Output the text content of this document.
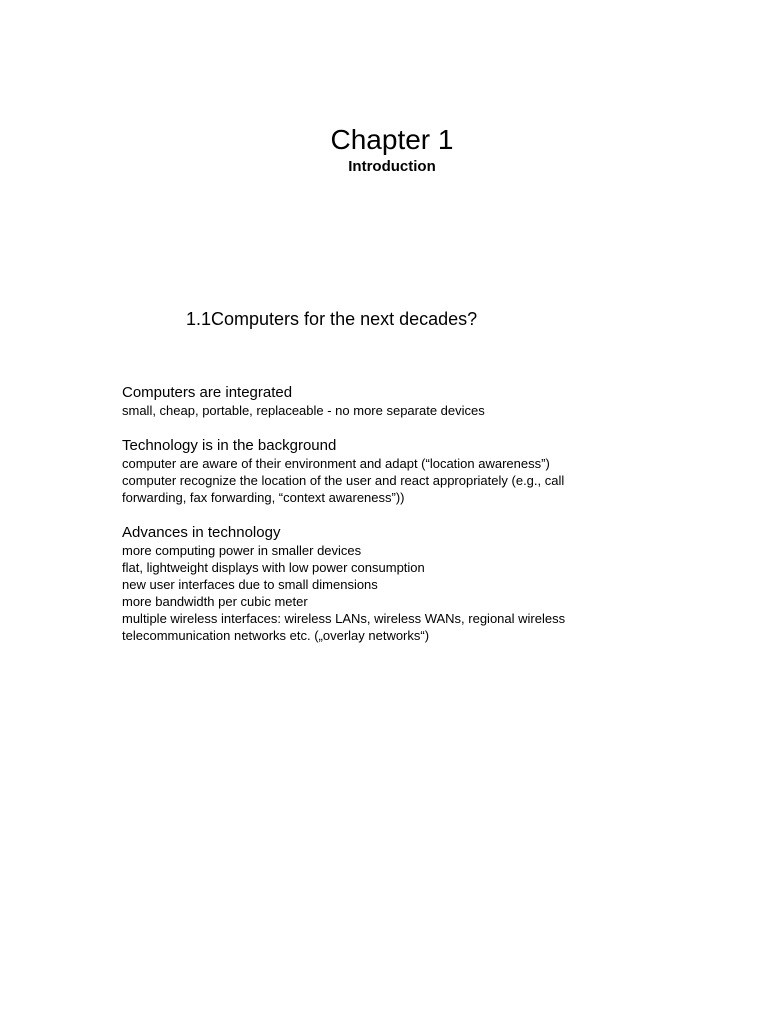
Chapter 1
Introduction
1.1Computers for the next decades?

Computers are integrated

small, cheap, portable, replaceable - no more separate devices

Technology is in the background

computer are aware of their environment and adapt (“location awareness”)

computer recognize the location of the user and react appropriately (e.g., call

forwarding, fax forwarding, “context awareness”))

Advances in technology

more computing power in smaller devices

flat, lightweight displays with low power consumption

new user interfaces due to small dimensions

more bandwidth per cubic meter

multiple wireless interfaces: wireless LANs, wireless WANs, regional wireless

telecommunication networks etc. („overlay networks“)
